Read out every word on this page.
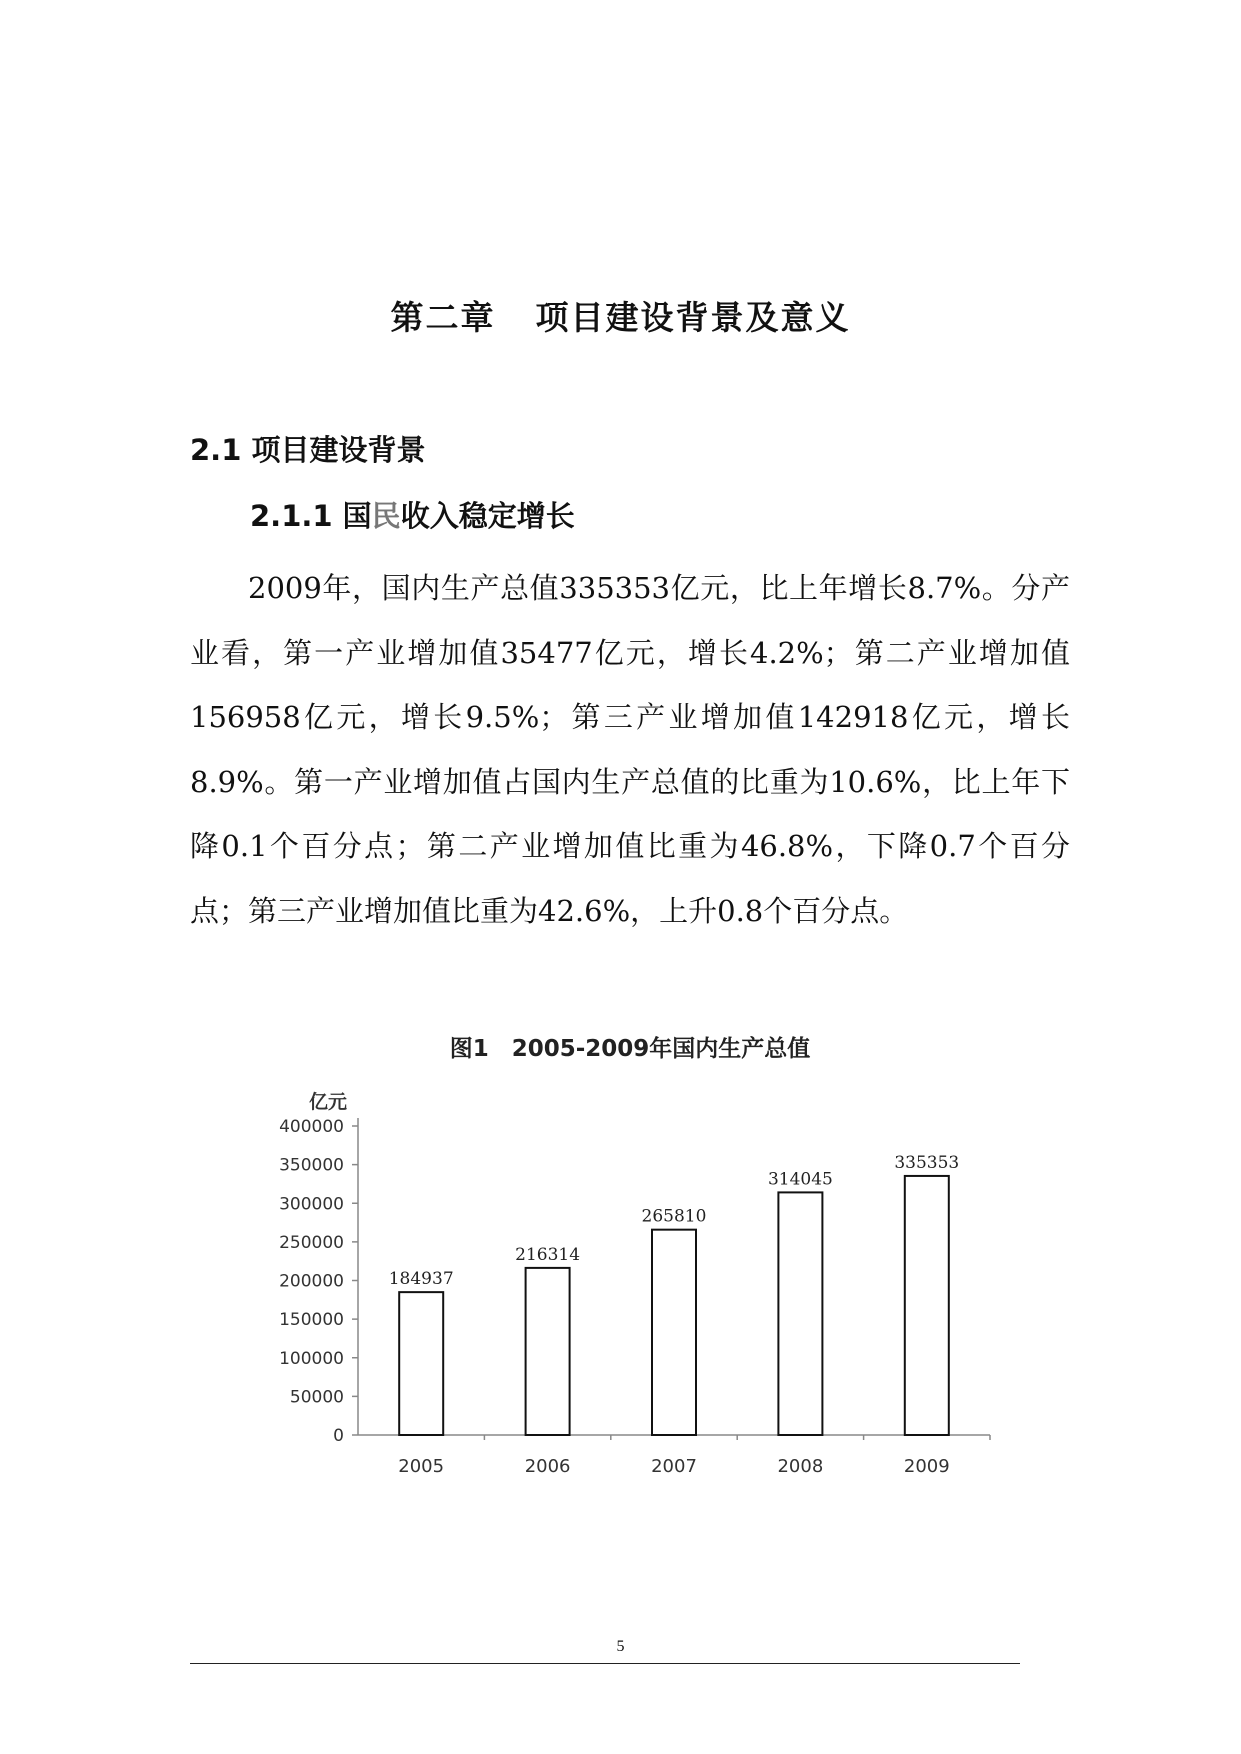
第二章 项目建设背景及意义
2.1 项目建设背景
2.1.1 国民收入稳定增长

2009年，国内生产总值335353亿元，比上年增长8.7%。分产业看，第一产业增加值35477亿元，增长4.2%；第二产业增加值156958亿元，增长9.5%；第三产业增加值142918亿元，增长8.9%。第一产业增加值占国内生产总值的比重为10.6%，比上年下降0.1个百分点；第二产业增加值比重为46.8%，下降0.7个百分点；第三产业增加值比重为42.6%，上升0.8个百分点。

图1　2005-2009年国内生产总值
亿元
0
50000
100000
150000
200000
250000
300000
350000
400000
184937
2005
216314
2006
265810
2007
314045
2008
335353
2009
5
